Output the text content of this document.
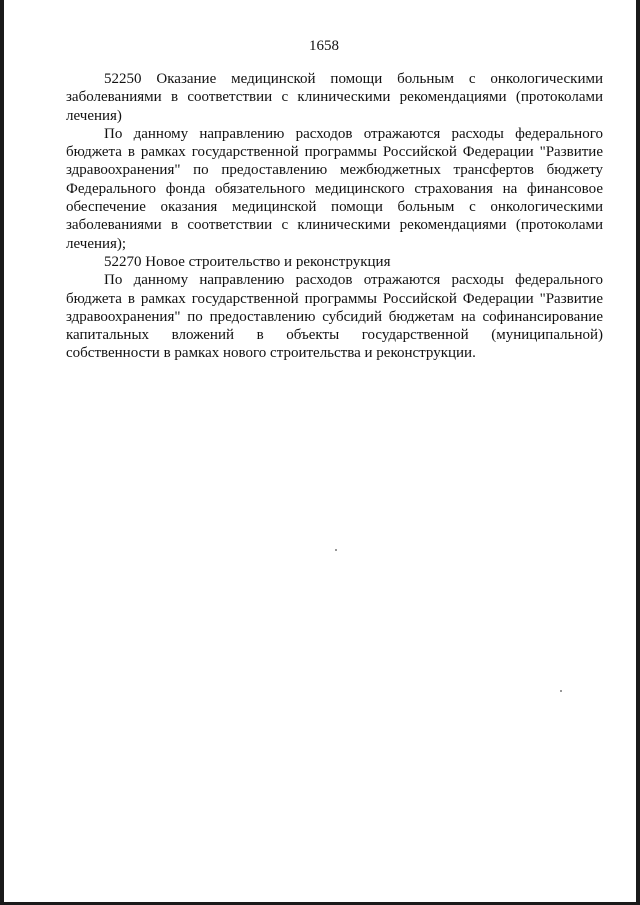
1658

52250 Оказание медицинской помощи больным с онкологическими заболеваниями в соответствии с клиническими рекомендациями (протоколами лечения)

По данному направлению расходов отражаются расходы федерального бюджета в рамках государственной программы Российской Федерации "Развитие здравоохранения" по предоставлению межбюджетных трансфертов бюджету Федерального фонда обязательного медицинского страхования на финансовое обеспечение оказания медицинской помощи больным с онкологическими заболеваниями в соответствии с клиническими рекомендациями (протоколами лечения);

52270 Новое строительство и реконструкция

По данному направлению расходов отражаются расходы федерального бюджета в рамках государственной программы Российской Федерации "Развитие здравоохранения" по предоставлению субсидий бюджетам на софинансирование капитальных вложений в объекты государственной (муниципальной) собственности в рамках нового строительства и реконструкции.
